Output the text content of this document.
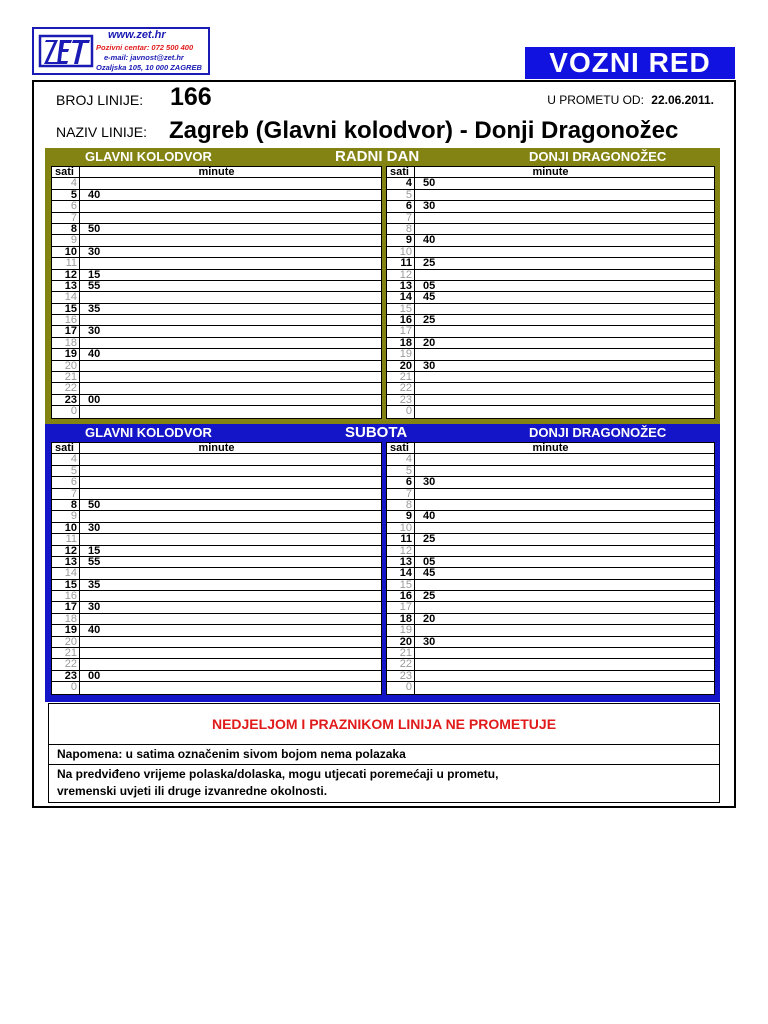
www.zet.hr
Pozivni centar: 072 500 400
e-mail: javnost@zet.hr
Ozaljska 105, 10 000 ZAGREB	VOZNI RED
BROJ LINIJE: 166	U PROMETU OD: 22.06.2011.
NAZIV LINIJE: Zagreb (Glavni kolodvor) - Donji Dragonožec
GLAVNI KOLODVOR	RADNI DAN	DONJI DRAGONOŽEC
sati	minute
4
5 40
6
7
8 50
9
10 30
11
12 15
13 55
14
15 35
16
17 30
18
19 40
20
21
22
23 00
0
sati	minute
4 50
5
6 30
7
8
9 40
10
11 25
12
13 05
14 45
15
16 25
17
18 20
19
20 30
21
22
23
0
GLAVNI KOLODVOR	SUBOTA	DONJI DRAGONOŽEC
sati	minute
4
5
6
7
8 50
9
10 30
11
12 15
13 55
14
15 35
16
17 30
18
19 40
20
21
22
23 00
0
sati	minute
4
5
6 30
7
8
9 40
10
11 25
12
13 05
14 45
15
16 25
17
18 20
19
20 30
21
22
23
0
NEDJELJOM I PRAZNIKOM LINIJA NE PROMETUJE
Napomena: u satima označenim sivom bojom nema polazaka
Na predviđeno vrijeme polaska/dolaska, mogu utjecati poremećaji u prometu,
vremenski uvjeti ili druge izvanredne okolnosti.
